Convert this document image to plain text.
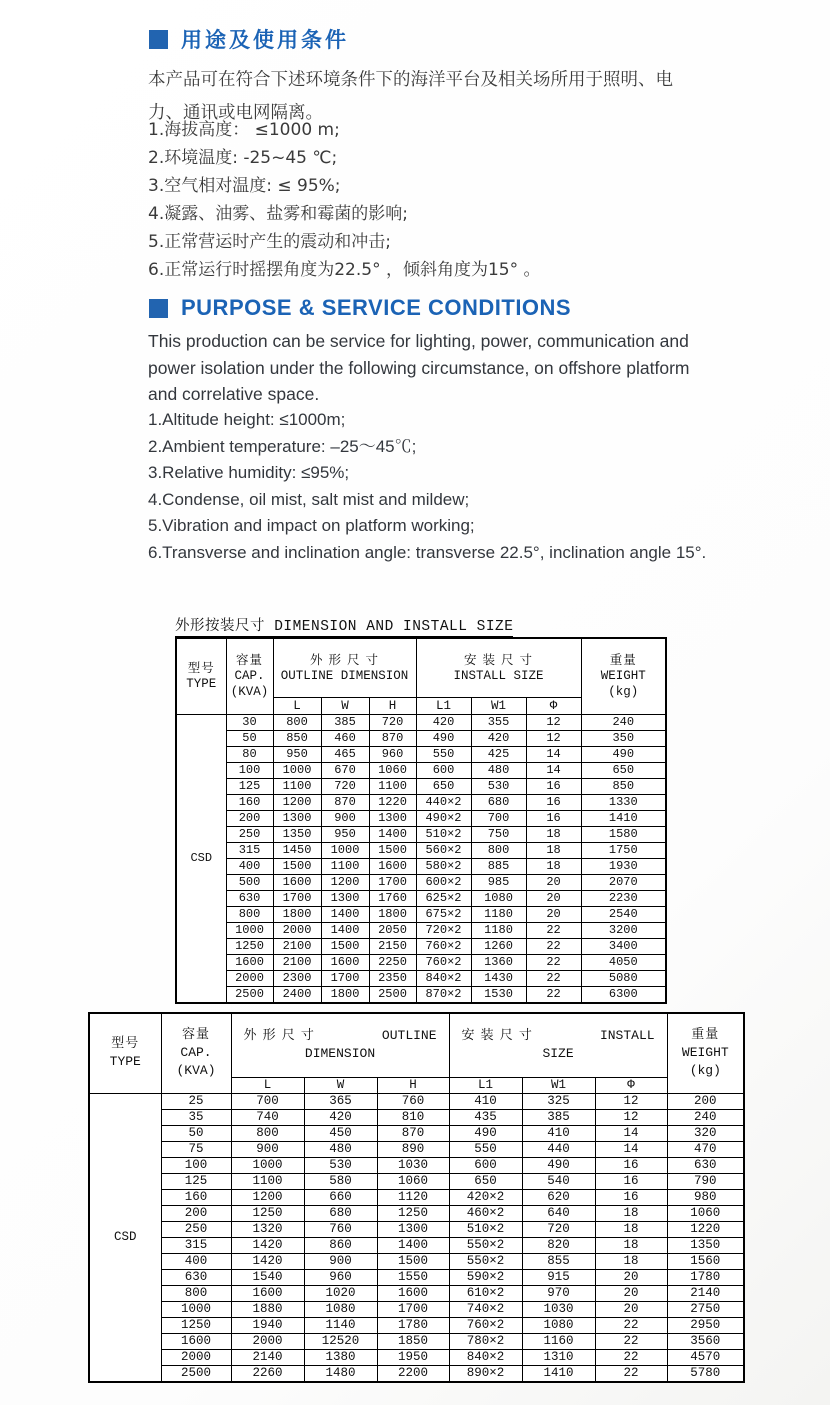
用途及使用条件
本产品可在符合下述环境条件下的海洋平台及相关场所用于照明、电力、通讯或电网隔离。
1.海拔高度： ≤1000 m;
2.环境温度: -25~45 ℃;
3.空气相对温度: ≤ 95%;
4.凝露、油雾、盐雾和霉菌的影响;
5.正常营运时产生的震动和冲击;
6.正常运行时摇摆角度为22.5° ，倾斜角度为15° 。
PURPOSE & SERVICE CONDITIONS
This production can be service for lighting, power, communication and power isolation under the following circumstance, on offshore platform and correlative space.
1.Altitude height: ≤1000m;
2.Ambient temperature: –25～45℃;
3.Relative humidity: ≤95%;
4.Condense, oil mist, salt mist and mildew;
5.Vibration and impact on platform working;
6.Transverse and inclination angle: transverse 22.5°, inclination angle 15°.
外形按装尺寸 DIMENSION AND INSTALL SIZE
型号
TYPE

容量
CAP.
(KVA)

外 形 尺 寸
OUTLINE DIMENSION

安 装 尺 寸
INSTALL SIZE

重量
WEIGHT
(kg)

		L	W	H	L1	W1	Φ	
CSD	30	800	385	720	420	355	12	240
	50	850	460	870	490	420	12	350
	80	950	465	960	550	425	14	490
	100	1000	670	1060	600	480	14	650
	125	1100	720	1100	650	530	16	850
	160	1200	870	1220	440×2	680	16	1330
	200	1300	900	1300	490×2	700	16	1410
	250	1350	950	1400	510×2	750	18	1580
	315	1450	1000	1500	560×2	800	18	1750
	400	1500	1100	1600	580×2	885	18	1930
	500	1600	1200	1700	600×2	985	20	2070
	630	1700	1300	1760	625×2	1080	20	2230
	800	1800	1400	1800	675×2	1180	20	2540
	1000	2000	1400	2050	720×2	1180	22	3200
	1250	2100	1500	2150	760×2	1260	22	3400
	1600	2100	1600	2250	760×2	1360	22	4050
	2000	2300	1700	2350	840×2	1430	22	5080
	2500	2400	1800	2500	870×2	1530	22	6300
型号
TYPE

容量
CAP.
(KVA)

外 形 尺 寸	OUTLINE
DIMENSION

安 装 尺 寸	INSTALL
SIZE

重量
WEIGHT
(kg)

		L	W	H	L1	W1	Φ	
CSD	25	700	365	760	410	325	12	200
	35	740	420	810	435	385	12	240
	50	800	450	870	490	410	14	320
	75	900	480	890	550	440	14	470
	100	1000	530	1030	600	490	16	630
	125	1100	580	1060	650	540	16	790
	160	1200	660	1120	420×2	620	16	980
	200	1250	680	1250	460×2	640	18	1060
	250	1320	760	1300	510×2	720	18	1220
	315	1420	860	1400	550×2	820	18	1350
	400	1420	900	1500	550×2	855	18	1560
	630	1540	960	1550	590×2	915	20	1780
	800	1600	1020	1600	610×2	970	20	2140
	1000	1880	1080	1700	740×2	1030	20	2750
	1250	1940	1140	1780	760×2	1080	22	2950
	1600	2000	12520	1850	780×2	1160	22	3560
	2000	2140	1380	1950	840×2	1310	22	4570
	2500	2260	1480	2200	890×2	1410	22	5780
